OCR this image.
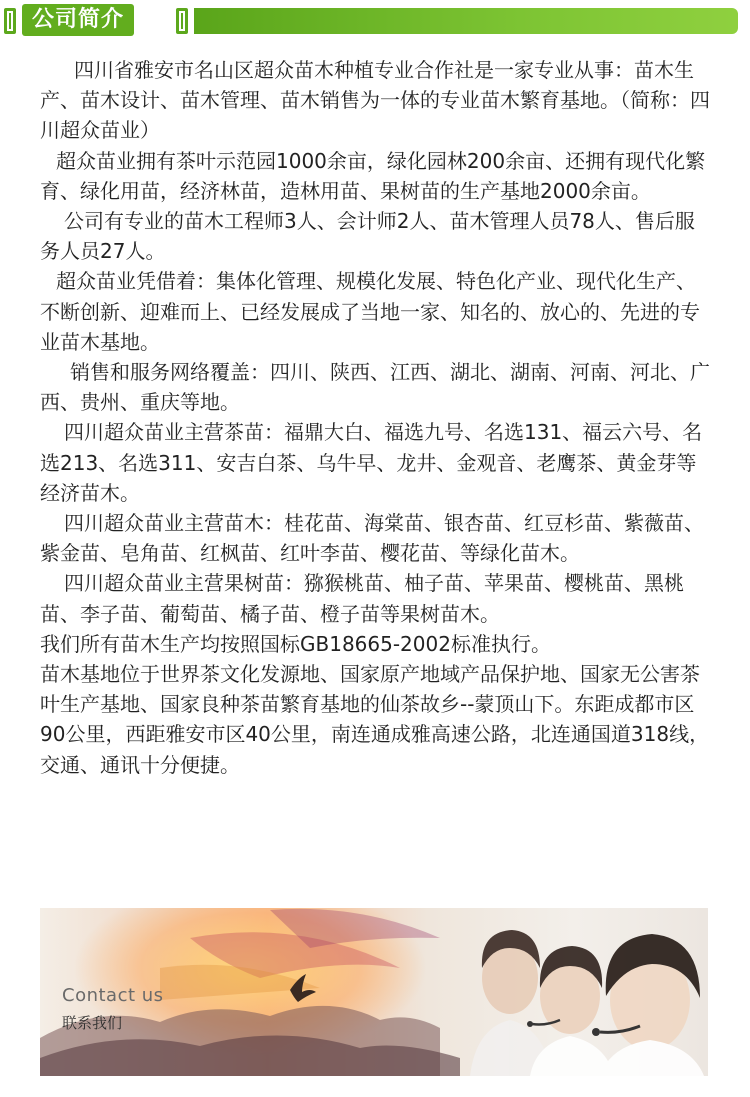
公司简介

四川省雅安市名山区超众苗木种植专业合作社是一家专业从事：苗木生产、苗木设计、苗木管理、苗木销售为一体的专业苗木繁育基地。（简称：四川超众苗业）

超众苗业拥有茶叶示范园1000余亩，绿化园林200余亩、还拥有现代化繁育、绿化用苗，经济林苗，造林用苗、果树苗的生产基地2000余亩。

公司有专业的苗木工程师3人、会计师2人、苗木管理人员78人、售后服务人员27人。

超众苗业凭借着：集体化管理、规模化发展、特色化产业、现代化生产、不断创新、迎难而上、已经发展成了当地一家、知名的、放心的、先进的专业苗木基地。

销售和服务网络覆盖：四川、陕西、江西、湖北、湖南、河南、河北、广西、贵州、重庆等地。

四川超众苗业主营茶苗：福鼎大白、福选九号、名选131、福云六号、名选213、名选311、安吉白茶、乌牛早、龙井、金观音、老鹰茶、黄金芽等经济苗木。

四川超众苗业主营苗木：桂花苗、海棠苗、银杏苗、红豆杉苗、紫薇苗、紫金苗、皂角苗、红枫苗、红叶李苗、樱花苗、等绿化苗木。

四川超众苗业主营果树苗：猕猴桃苗、柚子苗、苹果苗、樱桃苗、黑桃苗、李子苗、葡萄苗、橘子苗、橙子苗等果树苗木。

我们所有苗木生产均按照国标GB18665-2002标准执行。

苗木基地位于世界茶文化发源地、国家原产地域产品保护地、国家无公害茶叶生产基地、国家良种茶苗繁育基地的仙茶故乡--蒙顶山下。东距成都市区90公里，西距雅安市区40公里，南连通成雅高速公路，北连通国道318线，交通、通讯十分便捷。

Contact us
联系我们
